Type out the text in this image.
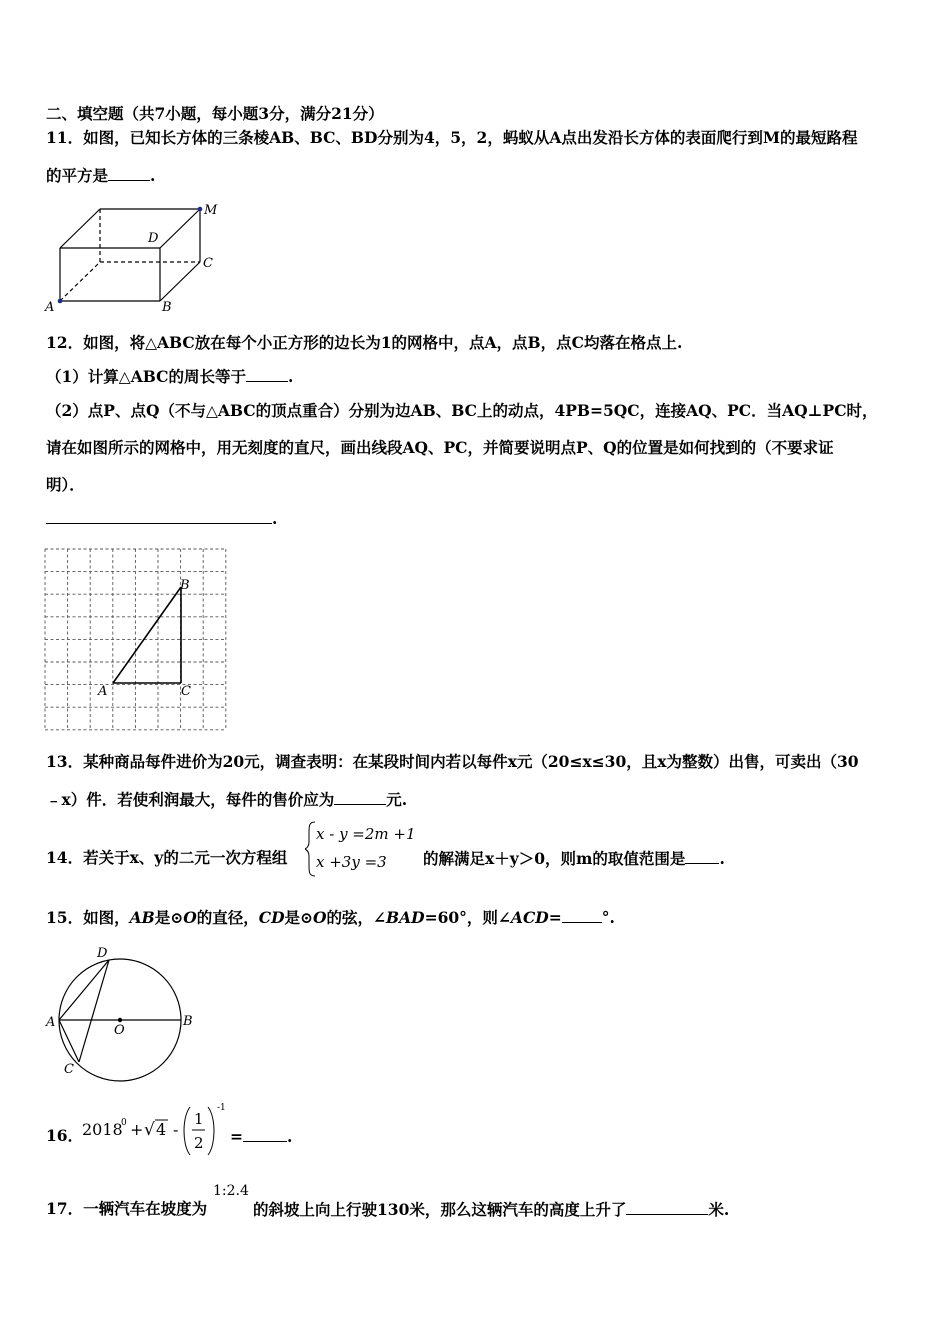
二、填空题（共7小题，每小题3分，满分21分）
11．如图，已知长方体的三条棱AB、BC、BD分别为4，5，2，蚂蚁从A点出发沿长方体的表面爬行到M的最短路程
的平方是	.
A	B
C
D
M
12．如图，将△ABC放在每个小正方形的边长为1的网格中，点A，点B，点C均落在格点上.
（1）计算△ABC的周长等于	.
（2）点P、点Q（不与△ABC的顶点重合）分别为边AB、BC上的动点，4PB=5QC，连接AQ、PC．当AQ⊥PC时，
请在如图所示的网格中，用无刻度的直尺，画出线段AQ、PC，并简要说明点P、Q的位置是如何找到的（不要求证
明）．
.
A
B
C
13．某种商品每件进价为20元，调查表明：在某段时间内若以每件x元（20≤x≤30，且x为整数）出售，可卖出（30
﹣x）件．若使利润最大，每件的售价应为	元.
14．若关于x、y的二元一次方程组
x - y =2m +1
x +3y =3 的解满足x＋y＞0，则m的取值范围是 .
15．如图，AB是⊙O的直径，CD是⊙O的弦，∠BAD=60°，则∠ACD=	°.
A	B
C
D
O
16．
2018
0 + √ 4 -
1
2
-1
=	.
17．一辆汽车在坡度为
1:2.4
的斜坡上向上行驶130米，那么这辆汽车的高度上升了	米.
